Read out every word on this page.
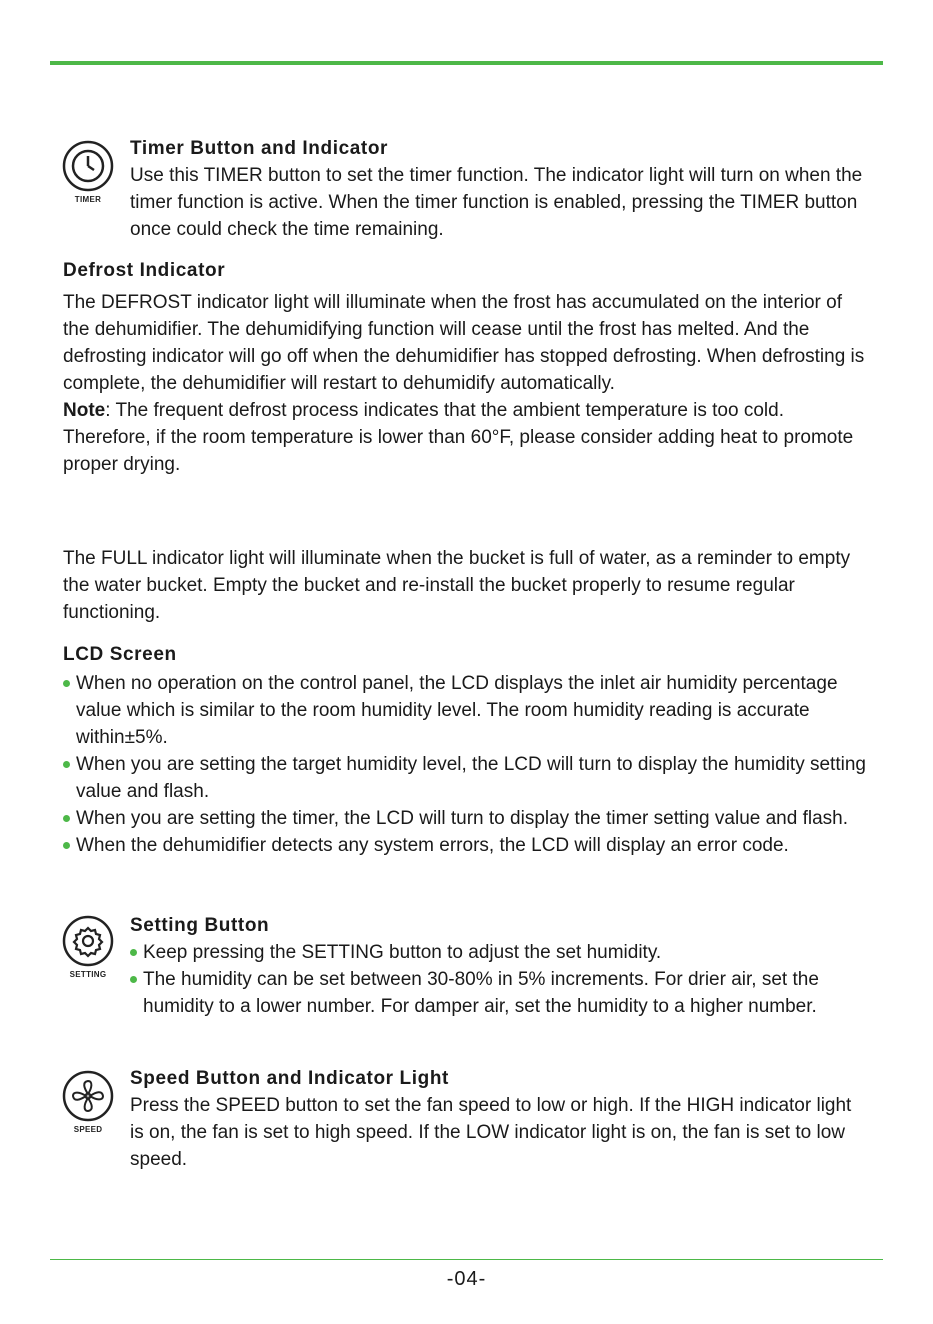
TIMER

Timer Button and Indicator

Use this TIMER button to set the timer function. The indicator light will turn on when the timer function is active. When the timer function is enabled, pressing the TIMER button once could check the time remaining.

Defrost Indicator

The DEFROST indicator light will illuminate when the frost has accumulated on the interior of the dehumidifier. The dehumidifying function will cease until the frost has melted. And the defrosting indicator will go off when the dehumidifier has stopped defrosting. When defrosting is complete, the dehumidifier will restart to dehumidify automatically.

Note: The frequent defrost process indicates that the ambient temperature is too cold. Therefore, if the room temperature is lower than 60°F, please consider adding heat to promote proper drying.

The FULL indicator light will illuminate when the bucket is full of water, as a reminder to empty the water bucket. Empty the bucket and re-install the bucket properly to resume regular functioning.

LCD Screen

When no operation on the control panel, the LCD displays the inlet air humidity percentage value which is similar to the room humidity level. The room humidity reading is accurate within±5%.
When you are setting the target humidity level, the LCD will turn to display the humidity setting value and flash.
When you are setting the timer, the LCD will turn to display the timer setting value and flash.
When the dehumidifier detects any system errors, the LCD will display an error code.
SETTING

Setting Button

Keep pressing the SETTING button to adjust the set humidity.
The humidity can be set between 30-80% in 5% increments. For drier air, set the humidity to a lower number. For damper air, set the humidity to a higher number.
SPEED

Speed Button and Indicator Light

Press the SPEED button to set the fan speed to low or high. If the HIGH indicator light is on, the fan is set to high speed. If the LOW indicator light is on, the fan is set to low speed.

-04-
